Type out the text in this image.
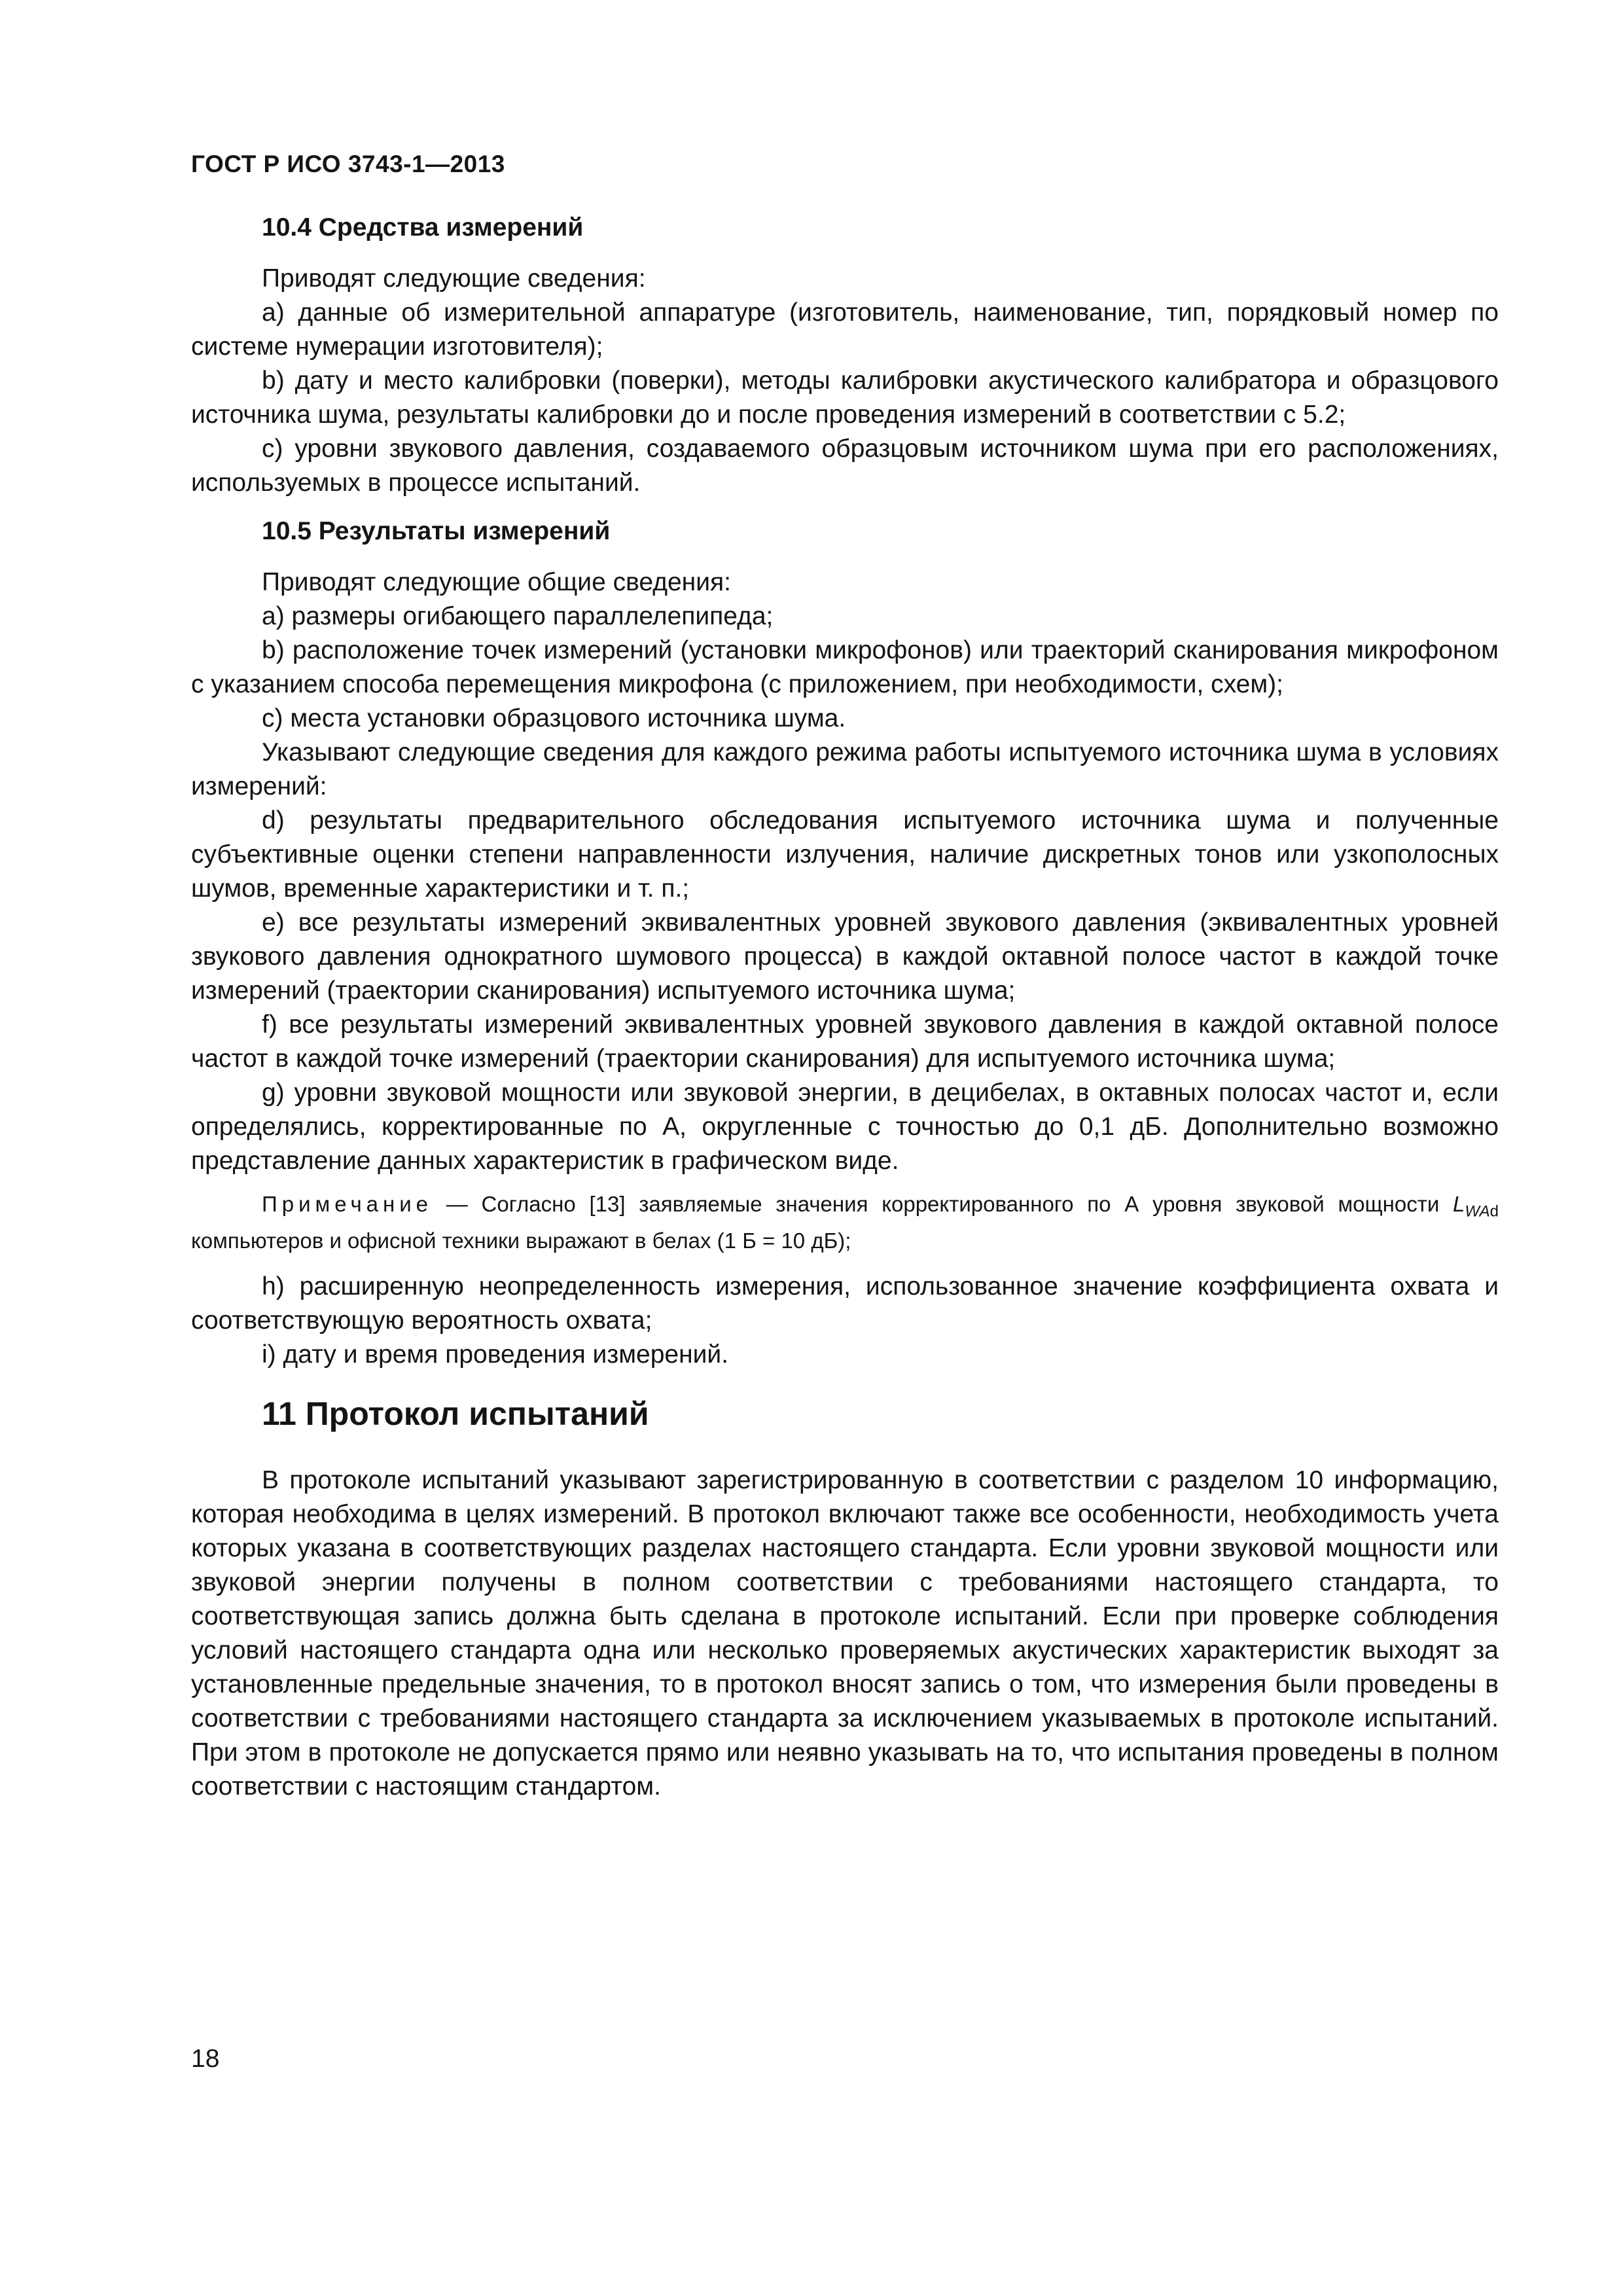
ГОСТ Р ИСО 3743-1—2013
10.4 Средства измерений

Приводят следующие сведения:

а) данные об измерительной аппаратуре (изготовитель, наименование, тип, порядковый номер по системе нумерации изготовителя);

b) дату и место калибровки (поверки), методы калибровки акустического калибратора и образцового источника шума, результаты калибровки до и после проведения измерений в соответствии с 5.2;

с) уровни звукового давления, создаваемого образцовым источником шума при его расположениях, используемых в процессе испытаний.

10.5 Результаты измерений

Приводят следующие общие сведения:

а) размеры огибающего параллелепипеда;

b) расположение точек измерений (установки микрофонов) или траекторий сканирования микрофоном с указанием способа перемещения микрофона (с приложением, при необходимости, схем);

с) места установки образцового источника шума.

Указывают следующие сведения для каждого режима работы испытуемого источника шума в условиях измерений:

d) результаты предварительного обследования испытуемого источника шума и полученные субъективные оценки степени направленности излучения, наличие дискретных тонов или узкополосных шумов, временные характеристики и т. п.;

е) все результаты измерений эквивалентных уровней звукового давления (эквивалентных уровней звукового давления однократного шумового процесса) в каждой октавной полосе частот в каждой точке измерений (траектории сканирования) испытуемого источника шума;

f) все результаты измерений эквивалентных уровней звукового давления в каждой октавной полосе частот в каждой точке измерений (траектории сканирования) для испытуемого источника шума;

g) уровни звуковой мощности или звуковой энергии, в децибелах, в октавных полосах частот и, если определялись, корректированные по А, округленные с точностью до 0,1 дБ. Дополнительно возможно представление данных характеристик в графическом виде.

Примечание — Согласно [13] заявляемые значения корректированного по А уровня звуковой мощности $L_{WAd}$ компьютеров и офисной техники выражают в белах (1 Б = 10 дБ);

h) расширенную неопределенность измерения, использованное значение коэффициента охвата и соответствующую вероятность охвата;

i) дату и время проведения измерений.

11 Протокол испытаний

В протоколе испытаний указывают зарегистрированную в соответствии с разделом 10 информацию, которая необходима в целях измерений. В протокол включают также все особенности, необходимость учета которых указана в соответствующих разделах настоящего стандарта. Если уровни звуковой мощности или звуковой энергии получены в полном соответствии с требованиями настоящего стандарта, то соответствующая запись должна быть сделана в протоколе испытаний. Если при проверке соблюдения условий настоящего стандарта одна или несколько проверяемых акустических характеристик выходят за установленные предельные значения, то в протокол вносят запись о том, что измерения были проведены в соответствии с требованиями настоящего стандарта за исключением указываемых в протоколе испытаний. При этом в протоколе не допускается прямо или неявно указывать на то, что испытания проведены в полном соответствии с настоящим стандартом.

18
